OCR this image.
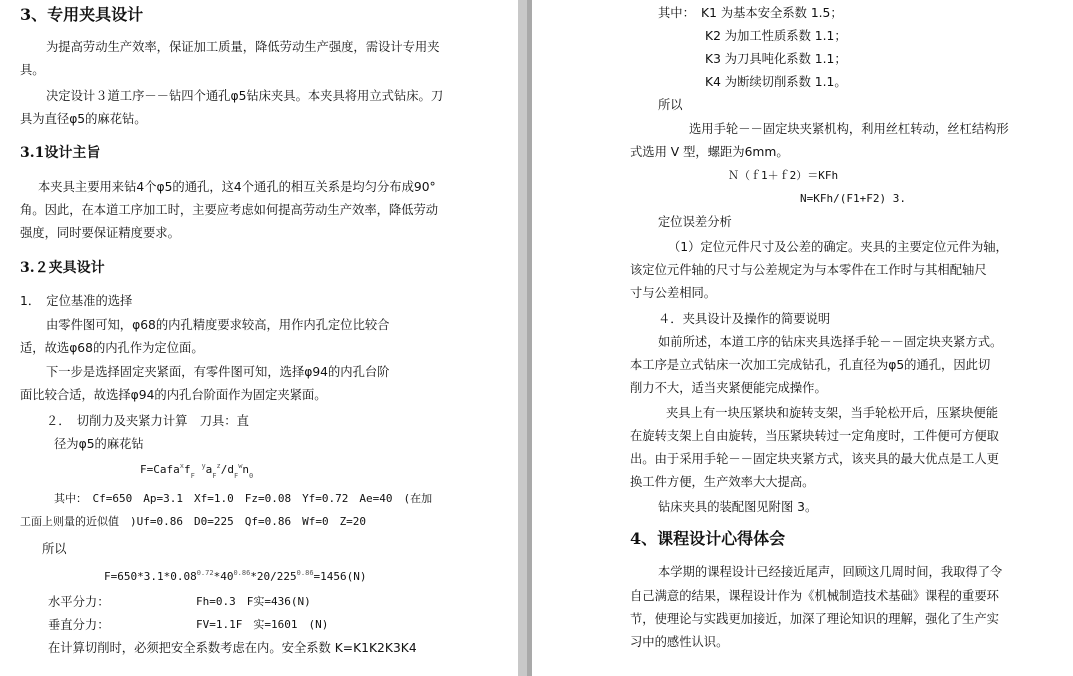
3、专用夹具设计
为提高劳动生产效率，保证加工质量，降低劳动生产强度，需设计专用夹
具。
决定设计３道工序－－钻四个通孔φ5钻床夹具。本夹具将用立式钻床。刀
具为直径φ5的麻花钻。
3.1设计主旨
本夹具主要用来钻4个φ5的通孔，这4个通孔的相互关系是均匀分布成90°
角。因此，在本道工序加工时，主要应考虑如何提高劳动生产效率，降低劳动
强度，同时要保证精度要求。
3.２夹具设计
1．　定位基准的选择
由零件图可知，φ68的内孔精度要求较高，用作内孔定位比较合
适，故选φ68的内孔作为定位面。
下一步是选择固定夹紧面，有零件图可知，选择φ94的内孔台阶
面比较合适，故选择φ94的内孔台阶面作为固定夹紧面。
２．　切削力及夹紧力计算　刀具：直
径为φ5的麻花钻
$F=Cafa^xf_F$ $^ya_F^z/d_F^wn_0$
其中：　Cf=650　Ap=3.1　Xf=1.0　Fz=0.08　Yf=0.72　Ae=40　(在加
工面上则量的近似值　)Uf=0.86　D0=225　Qf=0.86　Wf=0　Z=20
所以
$F=650*3.1*0.08^{0.72}*40^{0.86}*20/225^{0.86}=1456(N)$
水平分力：	Fh=0.3　F实=436(N)
垂直分力：	FV=1.1F　实=1601　(N)
在计算切削时，必须把安全系数考虑在内。安全系数 K=K1K2K3K4
其中：　K1 为基本安全系数 1.5；
K2 为加工性质系数 1.1；
K3 为刀具吨化系数 1.1；
K4 为断续切削系数 1.1。
所以
选用手轮－－固定块夹紧机构，利用丝杠转动，丝杠结构形
式选用 V 型，螺距为6mm。
Ｎ（ｆ1＋ｆ2）＝KFh
N=KFh/(F1+F2) 3.
定位误差分析
（1）定位元件尺寸及公差的确定。夹具的主要定位元件为轴，
该定位元件轴的尺寸与公差规定为与本零件在工作时与其相配轴尺
寸与公差相同。
４．夹具设计及操作的简要说明
如前所述，本道工序的钻床夹具选择手轮－－固定块夹紧方式。
本工序是立式钻床一次加工完成钻孔，孔直径为φ5的通孔，因此切
削力不大，适当夹紧便能完成操作。
夹具上有一块压紧块和旋转支架，当手轮松开后，压紧块便能
在旋转支架上自由旋转，当压紧块转过一定角度时，工件便可方便取
出。由于采用手轮－－固定块夹紧方式，该夹具的最大优点是工人更
换工件方便，生产效率大大提高。
钻床夹具的装配图见附图 3。
4、课程设计心得体会
本学期的课程设计已经接近尾声，回顾这几周时间，我取得了令
自己满意的结果，课程设计作为《机械制造技术基础》课程的重要环
节，使理论与实践更加接近，加深了理论知识的理解，强化了生产实
习中的感性认识。
